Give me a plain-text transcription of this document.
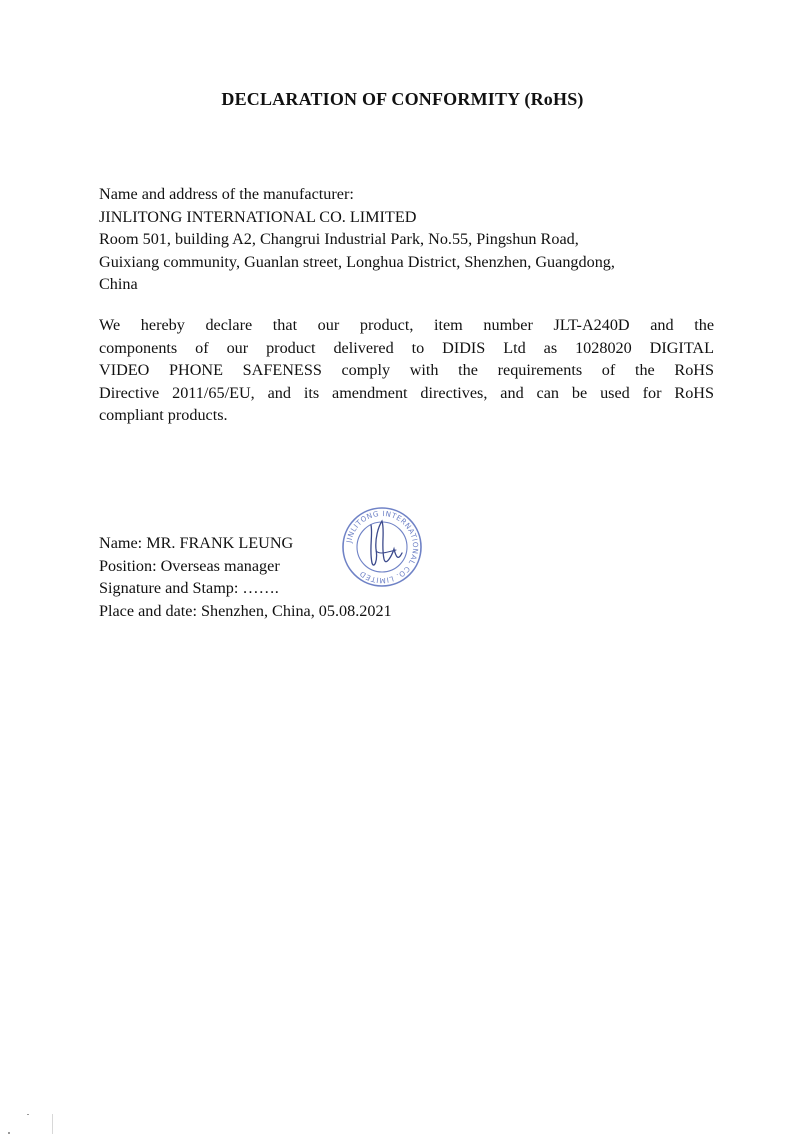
DECLARATION OF CONFORMITY (RoHS)
Name and address of the manufacturer:
JINLITONG INTERNATIONAL CO. LIMITED
Room 501, building A2, Changrui Industrial Park, No.55, Pingshun Road,
Guixiang community, Guanlan street, Longhua District, Shenzhen, Guangdong,
China
We hereby declare that our product, item number JLT-A240D and the
components of our product delivered to DIDIS Ltd as 1028020 DIGITAL
VIDEO PHONE SAFENESS comply with the requirements of the RoHS
Directive 2011/65/EU, and its amendment directives, and can be used for RoHS
compliant products.
Name: MR. FRANK LEUNG
Position: Overseas manager
Signature and Stamp: …….
Place and date: Shenzhen, China, 05.08.2021
JINLITONG INTERNATIONAL CO. LIMITED
